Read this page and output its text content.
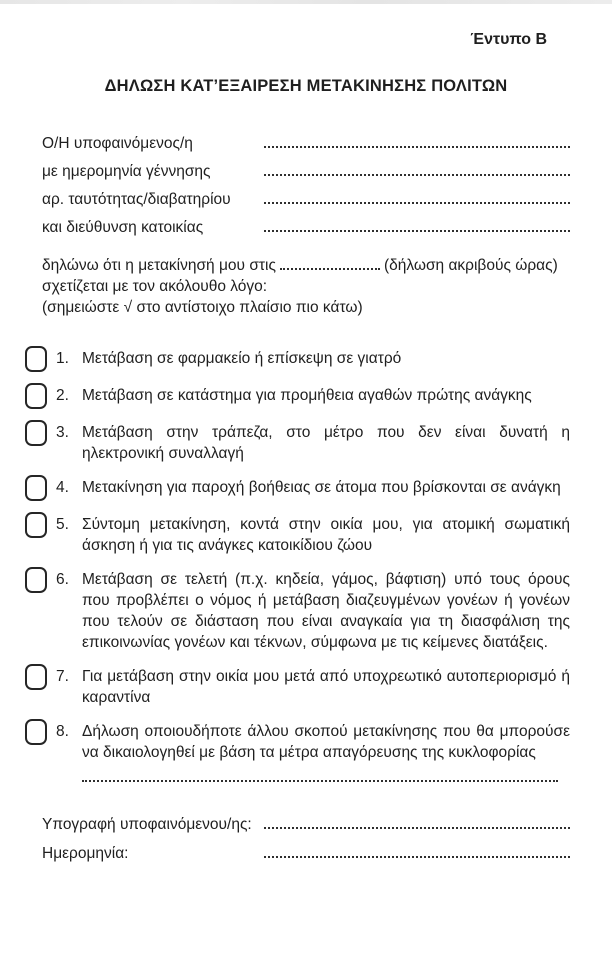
Έντυπο Β
ΔΗΛΩΣΗ ΚΑΤ’ΕΞΑΙΡΕΣΗ ΜΕΤΑΚΙΝΗΣΗΣ ΠΟΛΙΤΩΝ
Ο/Η υποφαινόμενος/η
με ημερομηνία γέννησης
αρ. ταυτότητας/διαβατηρίου
και διεύθυνση κατοικίας
δηλώνω ότι η μετακίνησή μου στις	(δήλωση ακριβούς ώρας)
σχετίζεται με τον ακόλουθο λόγο:
(σημειώστε √ στο αντίστοιχο πλαίσιο πιο κάτω)
1. Μετάβαση σε φαρμακείο ή επίσκεψη σε γιατρό
2. Μετάβαση σε κατάστημα για προμήθεια αγαθών πρώτης ανάγκης
3. Μετάβαση στην τράπεζα, στο μέτρο που δεν είναι δυνατή η ηλεκτρονική συναλλαγή
4. Μετακίνηση για παροχή βοήθειας σε άτομα που βρίσκονται σε ανάγκη
5. Σύντομη μετακίνηση, κοντά στην οικία μου, για ατομική σωματική άσκηση ή για τις ανάγκες κατοικίδιου ζώου
6. Μετάβαση σε τελετή (π.χ. κηδεία, γάμος, βάφτιση) υπό τους όρους που προβλέπει ο νόμος ή μετάβαση διαζευγμένων γονέων ή γονέων που τελούν σε διάσταση που είναι αναγκαία για τη διασφάλιση της επικοινωνίας γονέων και τέκνων, σύμφωνα με τις κείμενες διατάξεις.
7. Για μετάβαση στην οικία μου μετά από υποχρεωτικό αυτοπεριορισμό ή καραντίνα
8. Δήλωση οποιουδήποτε άλλου σκοπού μετακίνησης που θα μπορούσε να δικαιολογηθεί με βάση τα μέτρα απαγόρευσης της κυκλοφορίας
Υπογραφή υποφαινόμενου/ης:
Ημερομηνία:
